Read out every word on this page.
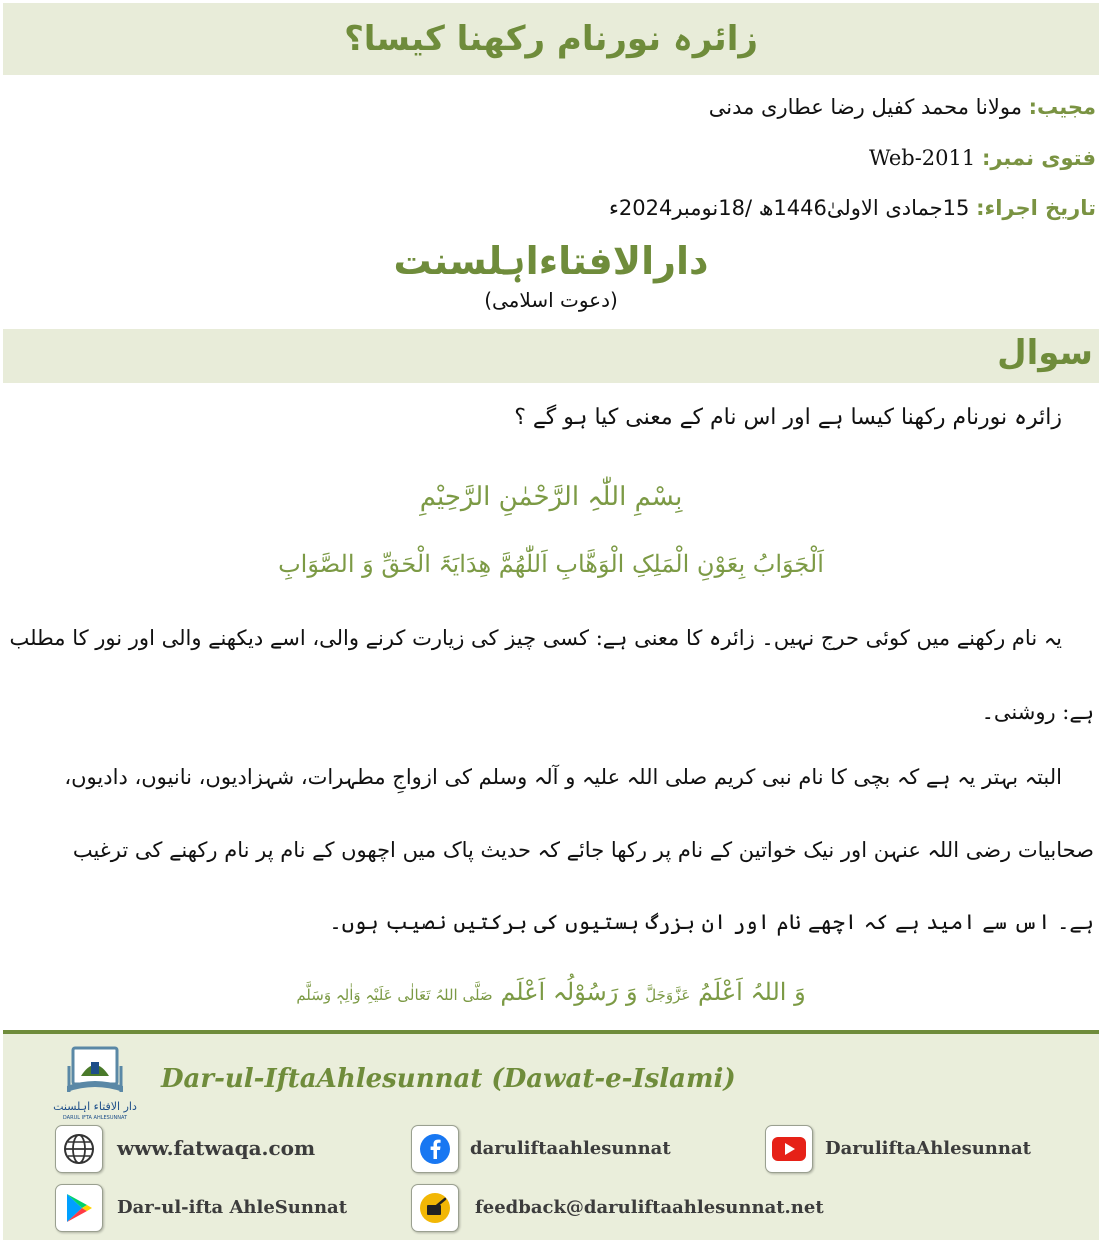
زائرہ نورنام رکھنا کیسا؟
مجیب: مولانا محمد کفیل رضا عطاری مدنی
فتوی نمبر: Web-2011
تاریخ اجراء: 15جمادی الاولیٰ1446ھ /18نومبر2024ء
دارالافتاءاہلسنت
(دعوت اسلامی)
سوال
زائرہ نورنام رکھنا کیسا ہے اور اس نام کے معنی کیا ہو گے ؟
بِسْمِ اللّٰہِ الرَّحْمٰنِ الرَّحِیْمِ
اَلْجَوَابُ بِعَوْنِ الْمَلِکِ الْوَھَّابِ اَللّٰھُمَّ ھِدَایَۃَ الْحَقِّ وَ الصَّوَابِ
یہ نام رکھنے میں کوئی حرج نہیں۔ زائرہ کا معنی ہے: کسی چیز کی زیارت کرنے والی، اسے دیکھنے والی اور نور کا مطلب
ہے: روشنی۔
البتہ بہتر یہ ہے کہ بچی کا نام نبی کریم صلی اللہ علیہ و آلہ وسلم کی ازواجِ مطہرات، شہزادیوں، نانیوں، دادیوں،
صحابیات رضی اللہ عنہن اور نیک خواتین کے نام پر رکھا جائے کہ حدیث پاک میں اچھوں کے نام پر نام رکھنے کی ترغیب
ہے۔ اس سے امید ہے کہ اچھے نام اور ان بزرگ ہستیوں کی برکتیں نصیب ہوں۔
وَ اللہُ اَعْلَمُ عَزَّوَجَلَّ وَ رَسُوْلُہ اَعْلَم صَلَّی اللہُ تَعَالٰی عَلَیْہِ وَاٰلِہٖ وَسَلَّم
دار الافتاء اہلسنت
DARUL IFTA AHLESUNNAT
Dar-ul-IftaAhlesunnat (Dawat-e-Islami)
www.fatwaqa.com	daruliftaahlesunnat	DaruliftaAhlesunnat
Dar-ul-ifta AhleSunnat	feedback@daruliftaahlesunnat.net
